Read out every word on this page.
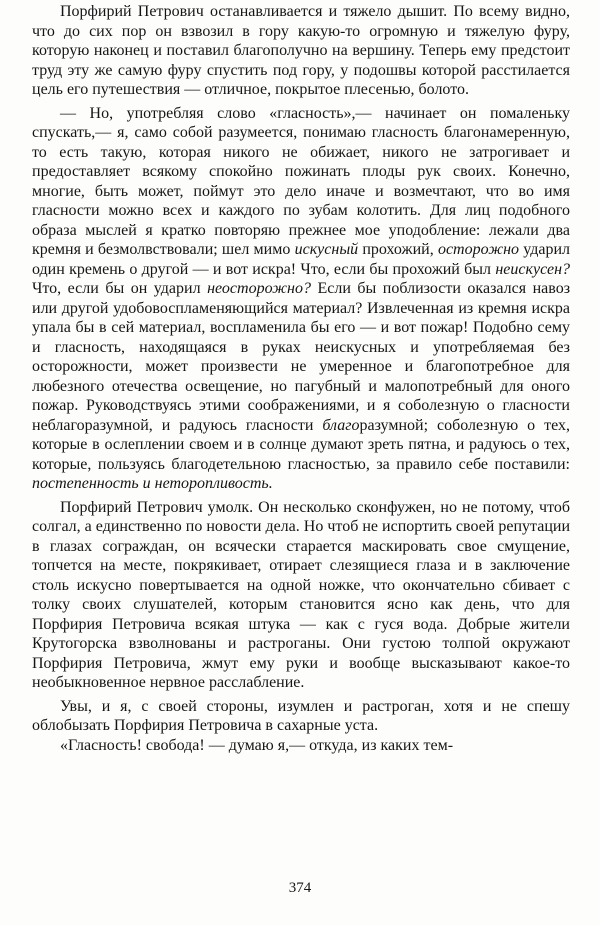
Порфирий Петрович останавливается и тяжело дышит. По всему видно, что до сих пор он взвозил в гору какую-то огромную и тяжелую фуру, которую наконец и поставил благополучно на вершину. Теперь ему предстоит труд эту же самую фуру спустить под гору, у подошвы которой расстилается цель его путешествия — отличное, покрытое плесенью, болото.

— Но, употребляя слово «гласность»,— начинает он помаленьку спускать,— я, само собой разумеется, понимаю гласность благонамеренную, то есть такую, которая никого не обижает, никого не затрогивает и предоставляет всякому спокойно пожинать плоды рук своих. Конечно, многие, быть может, поймут это дело иначе и возмечтают, что во имя гласности можно всех и каждого по зубам колотить. Для лиц подобного образа мыслей я кратко повторяю прежнее мое уподобление: лежали два кремня и безмолвствовали; шел мимо искусный прохожий, осторожно ударил один кремень о другой — и вот искра! Что, если бы прохожий был неискусен? Что, если бы он ударил неосторожно? Если бы поблизости оказался навоз или другой удобовоспламеняющийся материал? Извлеченная из кремня искра упала бы в сей материал, воспламенила бы его — и вот пожар! Подобно сему и гласность, находящаяся в руках неискусных и употребляемая без осторожности, может произвести не умеренное и благопотребное для любезного отечества освещение, но пагубный и малопотребный для оного пожар. Руководствуясь этими соображениями, и я соболезную о гласности неблагоразумной, и радуюсь гласности благоразумной; соболезную о тех, которые в ослеплении своем и в солнце думают зреть пятна, и радуюсь о тех, которые, пользуясь благодетельною гласностью, за правило себе поставили: постепенность и неторопливость.

Порфирий Петрович умолк. Он несколько сконфужен, но не потому, чтоб солгал, а единственно по новости дела. Но чтоб не испортить своей репутации в глазах сограждан, он всячески старается маскировать свое смущение, топчется на месте, покрякивает, отирает слезящиеся глаза и в заключение столь искусно повертывается на одной ножке, что окончательно сбивает с толку своих слушателей, которым становится ясно как день, что для Порфирия Петровича всякая штука — как с гуся вода. Добрые жители Крутогорска взволнованы и растроганы. Они густою толпой окружают Порфирия Петровича, жмут ему руки и вообще высказывают какое-то необыкновенное нервное расслабление.

Увы, и я, с своей стороны, изумлен и растроган, хотя и не спешу облобызать Порфирия Петровича в сахарные уста.

«Гласность! свобода! — думаю я,— откуда, из каких тем-

374
